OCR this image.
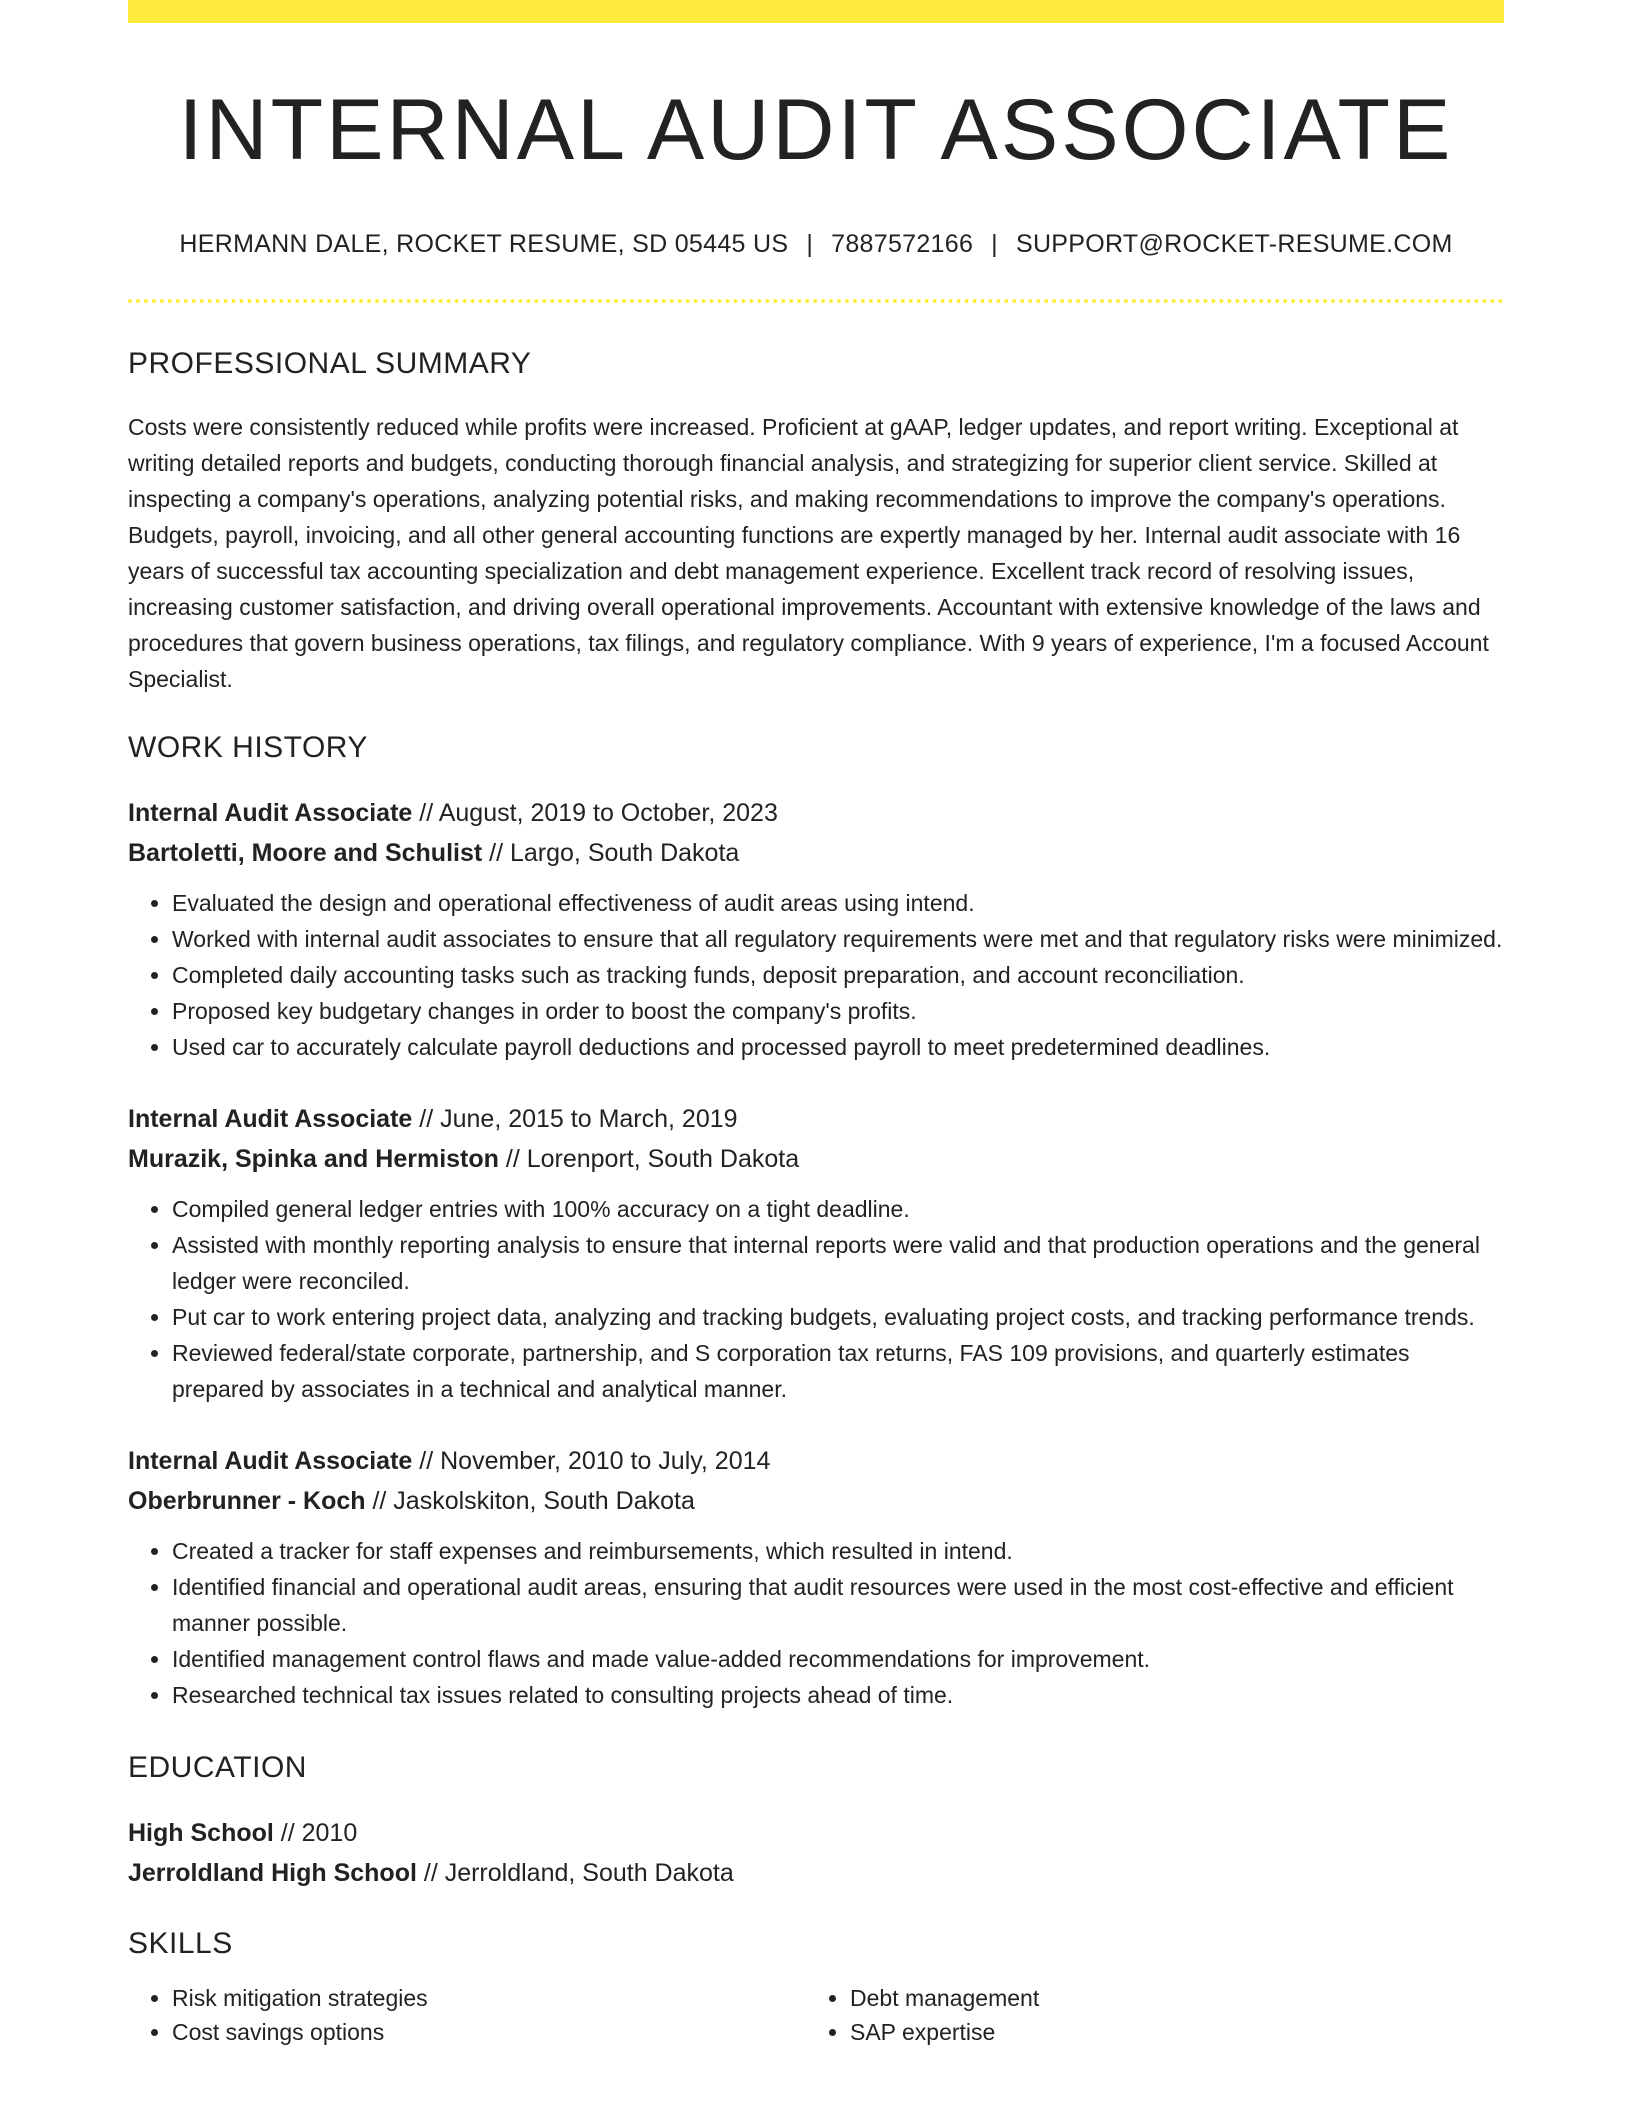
INTERNAL AUDIT ASSOCIATE
HERMANN DALE, ROCKET RESUME, SD 05445 US | 7887572166 | SUPPORT@ROCKET-RESUME.COM
PROFESSIONAL SUMMARY

Costs were consistently reduced while profits were increased. Proficient at gAAP, ledger updates, and report writing. Exceptional at writing detailed reports and budgets, conducting thorough financial analysis, and strategizing for superior client service. Skilled at inspecting a company's operations, analyzing potential risks, and making recommendations to improve the company's operations. Budgets, payroll, invoicing, and all other general accounting functions are expertly managed by her. Internal audit associate with 16 years of successful tax accounting specialization and debt management experience. Excellent track record of resolving issues, increasing customer satisfaction, and driving overall operational improvements. Accountant with extensive knowledge of the laws and procedures that govern business operations, tax filings, and regulatory compliance. With 9 years of experience, I'm a focused Account Specialist.

WORK HISTORY
Internal Audit Associate // August, 2019 to October, 2023
Bartoletti, Moore and Schulist // Largo, South Dakota
• Evaluated the design and operational effectiveness of audit areas using intend.
• Worked with internal audit associates to ensure that all regulatory requirements were met and that regulatory risks were minimized.
• Completed daily accounting tasks such as tracking funds, deposit preparation, and account reconciliation.
• Proposed key budgetary changes in order to boost the company's profits.
• Used car to accurately calculate payroll deductions and processed payroll to meet predetermined deadlines.
Internal Audit Associate // June, 2015 to March, 2019
Murazik, Spinka and Hermiston // Lorenport, South Dakota
• Compiled general ledger entries with 100% accuracy on a tight deadline.
• Assisted with monthly reporting analysis to ensure that internal reports were valid and that production operations and the general ledger were reconciled.
• Put car to work entering project data, analyzing and tracking budgets, evaluating project costs, and tracking performance trends.
• Reviewed federal/state corporate, partnership, and S corporation tax returns, FAS 109 provisions, and quarterly estimates prepared by associates in a technical and analytical manner.
Internal Audit Associate // November, 2010 to July, 2014
Oberbrunner - Koch // Jaskolskiton, South Dakota
• Created a tracker for staff expenses and reimbursements, which resulted in intend.
• Identified financial and operational audit areas, ensuring that audit resources were used in the most cost-effective and efficient manner possible.
• Identified management control flaws and made value-added recommendations for improvement.
• Researched technical tax issues related to consulting projects ahead of time.
EDUCATION
High School // 2010
Jerroldland High School // Jerroldland, South Dakota
SKILLS
• Risk mitigation strategies
• Cost savings options
• Debt management
• SAP expertise
